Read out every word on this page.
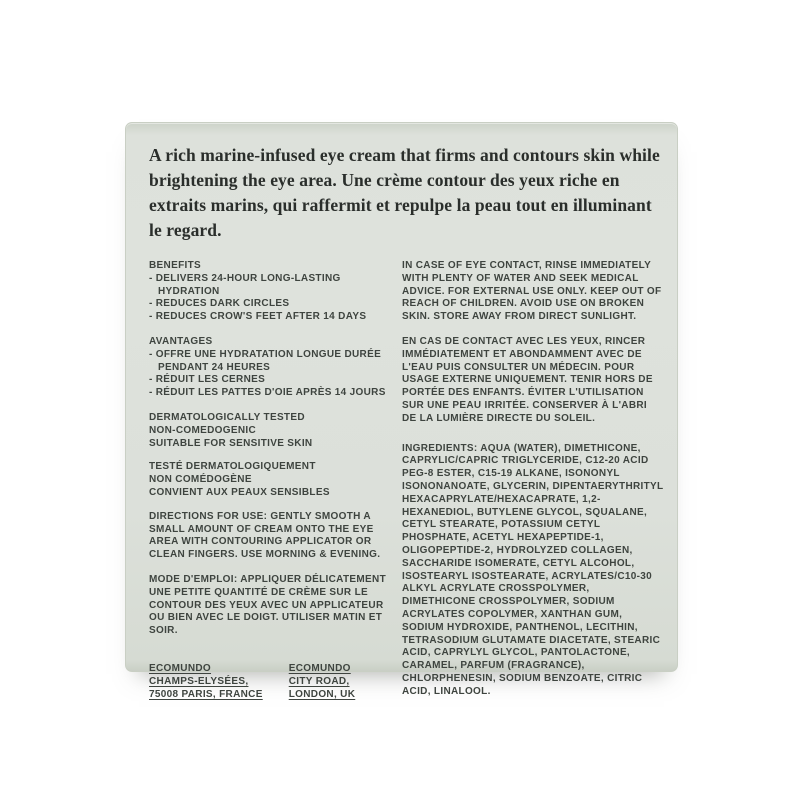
A rich marine-infused eye cream that firms and contours skin while brightening the eye area. Une crème contour des yeux riche en extraits marins, qui raffermit et repulpe la peau tout en illuminant le regard.
BENEFITS
- DELIVERS 24-HOUR LONG-LASTING HYDRATION
- REDUCES DARK CIRCLES
- REDUCES CROW'S FEET AFTER 14 DAYS
AVANTAGES
- OFFRE UNE HYDRATATION LONGUE DURÉE PENDANT 24 HEURES
- RÉDUIT LES CERNES
- RÉDUIT LES PATTES D'OIE APRÈS 14 JOURS
DERMATOLOGICALLY TESTED
NON-COMEDOGENIC
SUITABLE FOR SENSITIVE SKIN
TESTÉ DERMATOLOGIQUEMENT
NON COMÉDOGÈNE
CONVIENT AUX PEAUX SENSIBLES
DIRECTIONS FOR USE: GENTLY SMOOTH A SMALL AMOUNT OF CREAM ONTO THE EYE AREA WITH CONTOURING APPLICATOR OR CLEAN FINGERS. USE MORNING & EVENING.
MODE D'EMPLOI: APPLIQUER DÉLICATEMENT UNE PETITE QUANTITÉ DE CRÈME SUR LE CONTOUR DES YEUX AVEC UN APPLICATEUR OU BIEN AVEC LE DOIGT. UTILISER MATIN ET SOIR.
ECOMUNDO
CHAMPS-ELYSÉES,
75008 PARIS, FRANCE
ECOMUNDO
CITY ROAD,
LONDON, UK
IN CASE OF EYE CONTACT, RINSE IMMEDIATELY WITH PLENTY OF WATER AND SEEK MEDICAL ADVICE. FOR EXTERNAL USE ONLY. KEEP OUT OF REACH OF CHILDREN. AVOID USE ON BROKEN SKIN. STORE AWAY FROM DIRECT SUNLIGHT.
EN CAS DE CONTACT AVEC LES YEUX, RINCER IMMÉDIATEMENT ET ABONDAMMENT AVEC DE L'EAU PUIS CONSULTER UN MÉDECIN. POUR USAGE EXTERNE UNIQUEMENT. TENIR HORS DE PORTÉE DES ENFANTS. ÉVITER L'UTILISATION SUR UNE PEAU IRRITÉE. CONSERVER À L'ABRI DE LA LUMIÈRE DIRECTE DU SOLEIL.
INGREDIENTS: AQUA (WATER), DIMETHICONE, CAPRYLIC/CAPRIC TRIGLYCERIDE, C12-20 ACID PEG-8 ESTER, C15-19 ALKANE, ISONONYL ISONONANOATE, GLYCERIN, DIPENTAERYTHRITYL HEXACAPRYLATE/HEXACAPRATE, 1,2-HEXANEDIOL, BUTYLENE GLYCOL, SQUALANE, CETYL STEARATE, POTASSIUM CETYL PHOSPHATE, ACETYL HEXAPEPTIDE-1, OLIGOPEPTIDE-2, HYDROLYZED COLLAGEN, SACCHARIDE ISOMERATE, CETYL ALCOHOL, ISOSTEARYL ISOSTEARATE, ACRYLATES/C10-30 ALKYL ACRYLATE CROSSPOLYMER, DIMETHICONE CROSSPOLYMER, SODIUM ACRYLATES COPOLYMER, XANTHAN GUM, SODIUM HYDROXIDE, PANTHENOL, LECITHIN, TETRASODIUM GLUTAMATE DIACETATE, STEARIC ACID, CAPRYLYL GLYCOL, PANTOLACTONE, CARAMEL, PARFUM (FRAGRANCE), CHLORPHENESIN, SODIUM BENZOATE, CITRIC ACID, LINALOOL.
